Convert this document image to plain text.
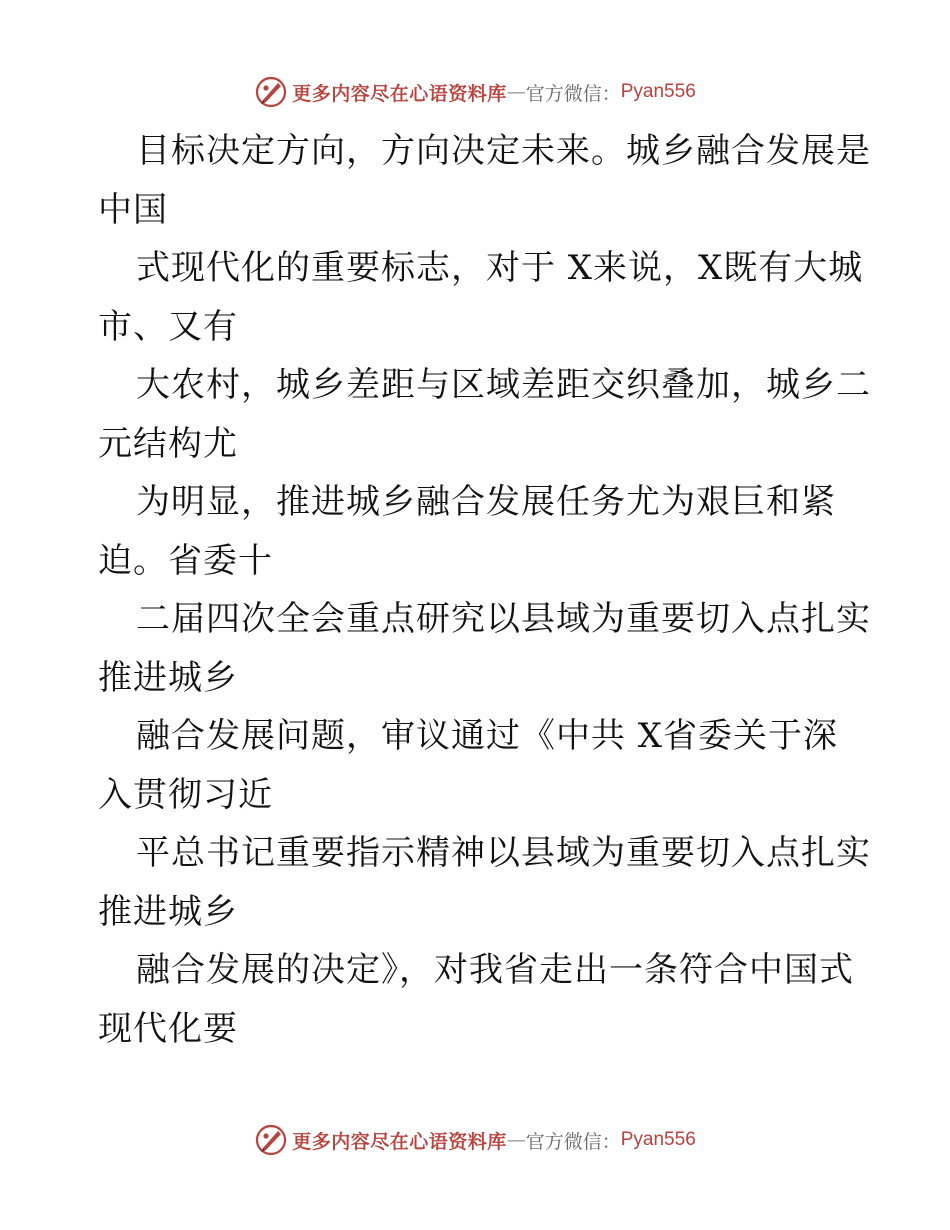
更多内容尽在心语资料库 — 官方微信： Pyan556
目标决定方向，方向决定未来。城乡融合发展是
中国
式现代化的重要标志，对于 X来说，X既有大城
市、又有
大农村，城乡差距与区域差距交织叠加，城乡二
元结构尤
为明显，推进城乡融合发展任务尤为艰巨和紧
迫。省委十
二届四次全会重点研究以县域为重要切入点扎实
推进城乡
融合发展问题，审议通过《中共 X省委关于深
入贯彻习近
平总书记重要指示精神以县域为重要切入点扎实
推进城乡
融合发展的决定》，对我省走出一条符合中国式
现代化要
更多内容尽在心语资料库 — 官方微信： Pyan556
